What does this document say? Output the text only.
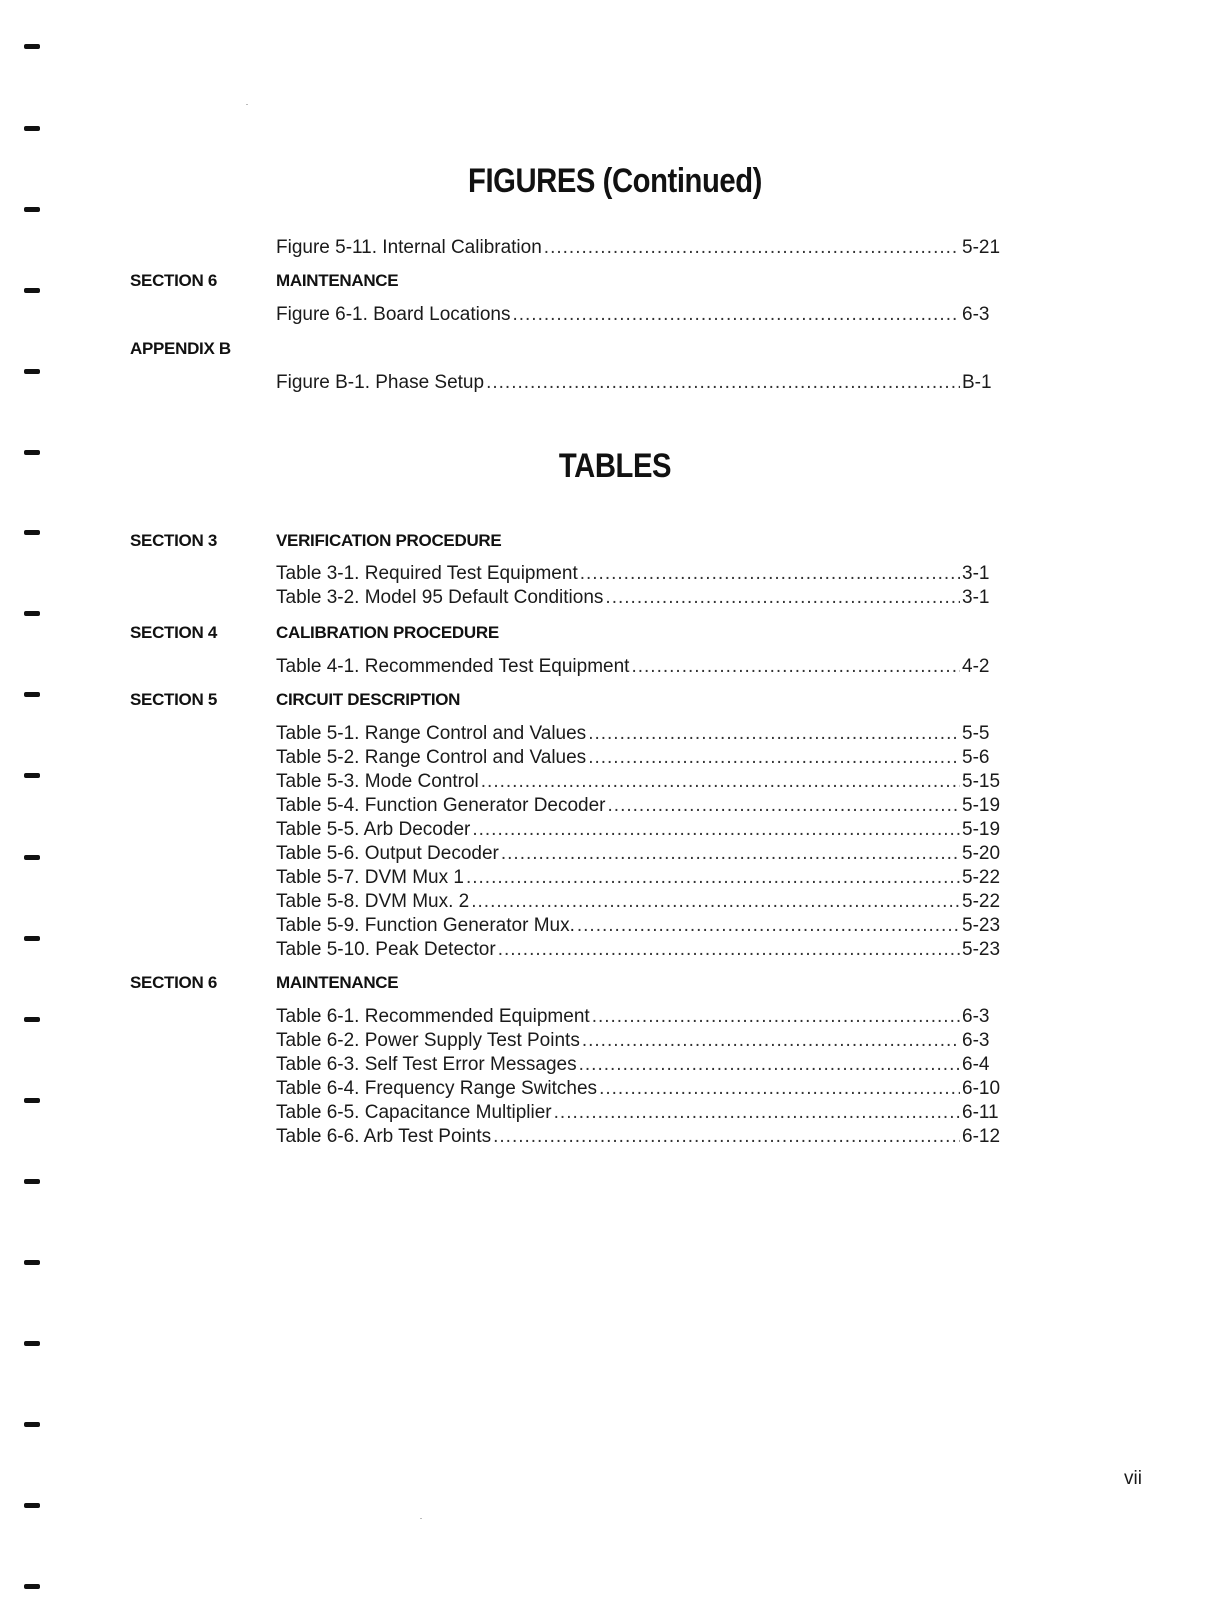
FIGURES (Continued)
Figure 5-11. Internal Calibration .....	5-21
SECTION 6	MAINTENANCE
Figure 6-1. Board Locations .....	6-3
APPENDIX B
Figure B-1. Phase Setup .....	B-1
TABLES
SECTION 3	VERIFICATION PROCEDURE
Table 3-1. Required Test Equipment .....	3-1
Table 3-2. Model 95 Default Conditions .....	3-1
SECTION 4	CALIBRATION PROCEDURE
Table 4-1. Recommended Test Equipment .....	4-2
SECTION 5	CIRCUIT DESCRIPTION
Table 5-1. Range Control and Values .....	5-5
Table 5-2. Range Control and Values .....	5-6
Table 5-3. Mode Control .....	5-15
Table 5-4. Function Generator Decoder .....	5-19
Table 5-5. Arb Decoder .....	5-19
Table 5-6. Output Decoder .....	5-20
Table 5-7. DVM Mux 1 .....	5-22
Table 5-8. DVM Mux. 2 .....	5-22
Table 5-9. Function Generator Mux. .....	5-23
Table 5-10. Peak Detector .....	5-23
SECTION 6	MAINTENANCE
Table 6-1. Recommended Equipment .....	6-3
Table 6-2. Power Supply Test Points .....	6-3
Table 6-3. Self Test Error Messages .....	6-4
Table 6-4. Frequency Range Switches .....	6-10
Table 6-5. Capacitance Multiplier .....	6-11
Table 6-6. Arb Test Points .....	6-12
vii
